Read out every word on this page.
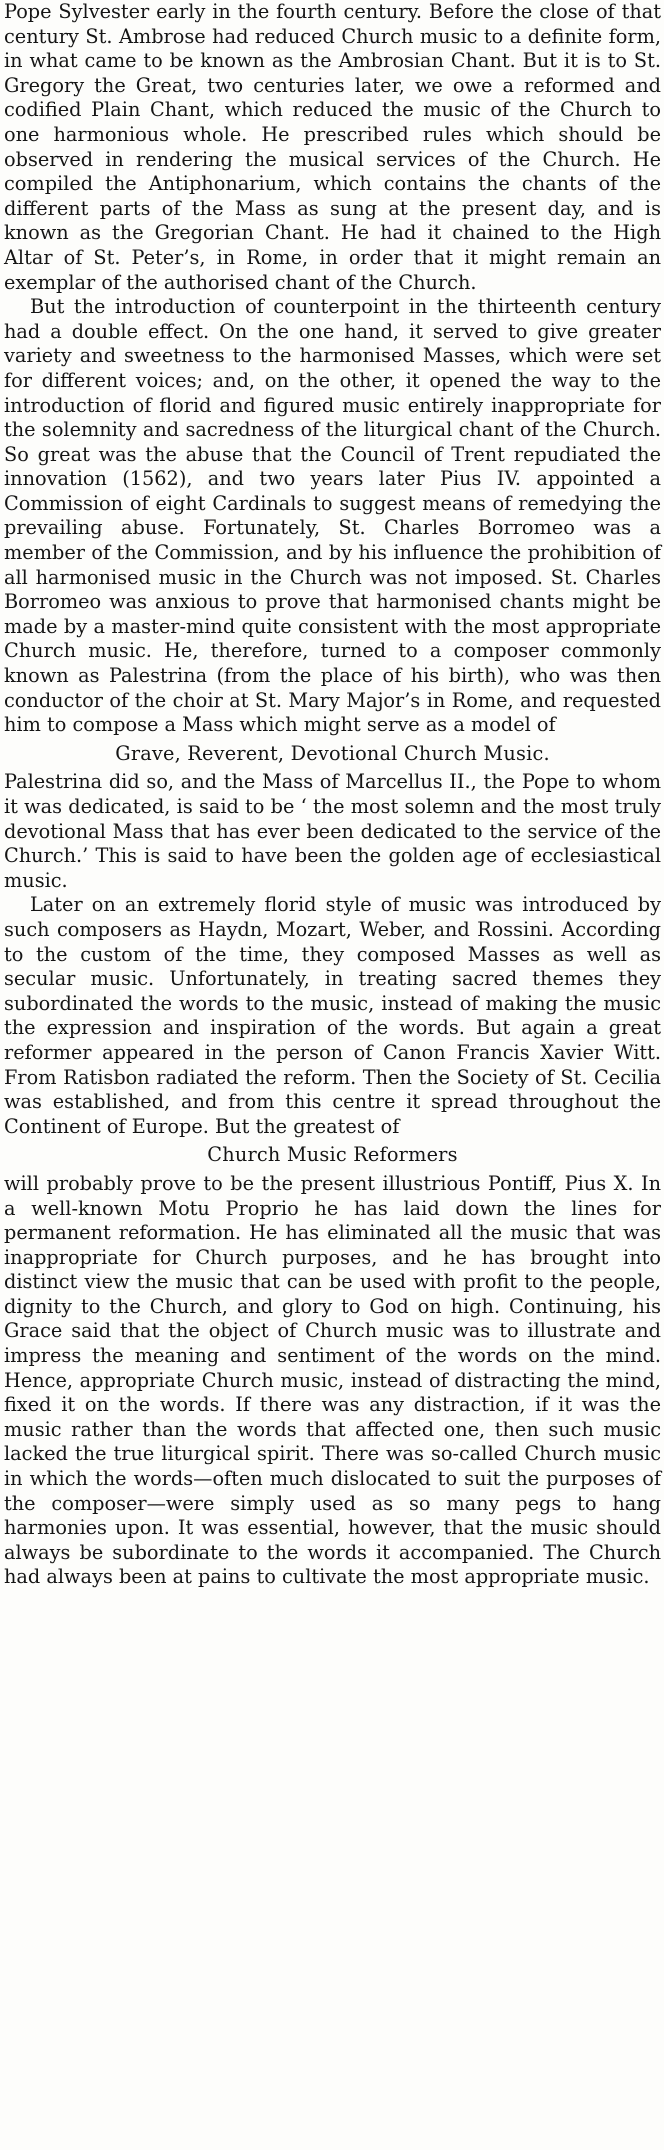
Pope Sylvester early in the fourth century. Before the close of that century St. Ambrose had reduced Church music to a definite form, in what came to be known as the Ambrosian Chant. But it is to St. Gregory the Great, two centuries later, we owe a reformed and codified Plain Chant, which reduced the music of the Church to one harmonious whole. He prescribed rules which should be observed in rendering the musical services of the Church. He compiled the Antiphonarium, which contains the chants of the different parts of the Mass as sung at the present day, and is known as the Gregorian Chant. He had it chained to the High Altar of St. Peter’s, in Rome, in order that it might remain an exemplar of the authorised chant of the Church.

But the introduction of counterpoint in the thirteenth century had a double effect. On the one hand, it served to give greater variety and sweetness to the harmonised Masses, which were set for different voices; and, on the other, it opened the way to the introduction of florid and figured music entirely inappropriate for the solemnity and sacredness of the liturgical chant of the Church. So great was the abuse that the Council of Trent repudiated the innovation (1562), and two years later Pius IV. appointed a Commission of eight Cardinals to suggest means of remedying the prevailing abuse. Fortunately, St. Charles Borromeo was a member of the Commission, and by his influence the prohibition of all harmonised music in the Church was not imposed. St. Charles Borromeo was anxious to prove that harmonised chants might be made by a master-mind quite consistent with the most appropriate Church music. He, therefore, turned to a composer commonly known as Palestrina (from the place of his birth), who was then conductor of the choir at St. Mary Major’s in Rome, and requested him to compose a Mass which might serve as a model of

Grave, Reverent, Devotional Church Music.

Palestrina did so, and the Mass of Marcellus II., the Pope to whom it was dedicated, is said to be ‘ the most solemn and the most truly devotional Mass that has ever been dedicated to the service of the Church.’ This is said to have been the golden age of ecclesiastical music.

Later on an extremely florid style of music was introduced by such composers as Haydn, Mozart, Weber, and Rossini. According to the custom of the time, they composed Masses as well as secular music. Unfortunately, in treating sacred themes they subordinated the words to the music, instead of making the music the expression and inspiration of the words. But again a great reformer appeared in the person of Canon Francis Xavier Witt. From Ratisbon radiated the reform. Then the Society of St. Cecilia was established, and from this centre it spread throughout the Continent of Europe. But the greatest of

Church Music Reformers

will probably prove to be the present illustrious Pontiff, Pius X. In a well-known Motu Proprio he has laid down the lines for permanent reformation. He has eliminated all the music that was inappropriate for Church purposes, and he has brought into distinct view the music that can be used with profit to the people, dignity to the Church, and glory to God on high. Continuing, his Grace said that the object of Church music was to illustrate and impress the meaning and sentiment of the words on the mind. Hence, appropriate Church music, instead of distracting the mind, fixed it on the words. If there was any distraction, if it was the music rather than the words that affected one, then such music lacked the true liturgical spirit. There was so-called Church music in which the words—often much dislocated to suit the purposes of the composer—were simply used as so many pegs to hang harmonies upon. It was essential, however, that the music should always be subordinate to the words it accompanied. The Church had always been at pains to cultivate the most appropriate music.
